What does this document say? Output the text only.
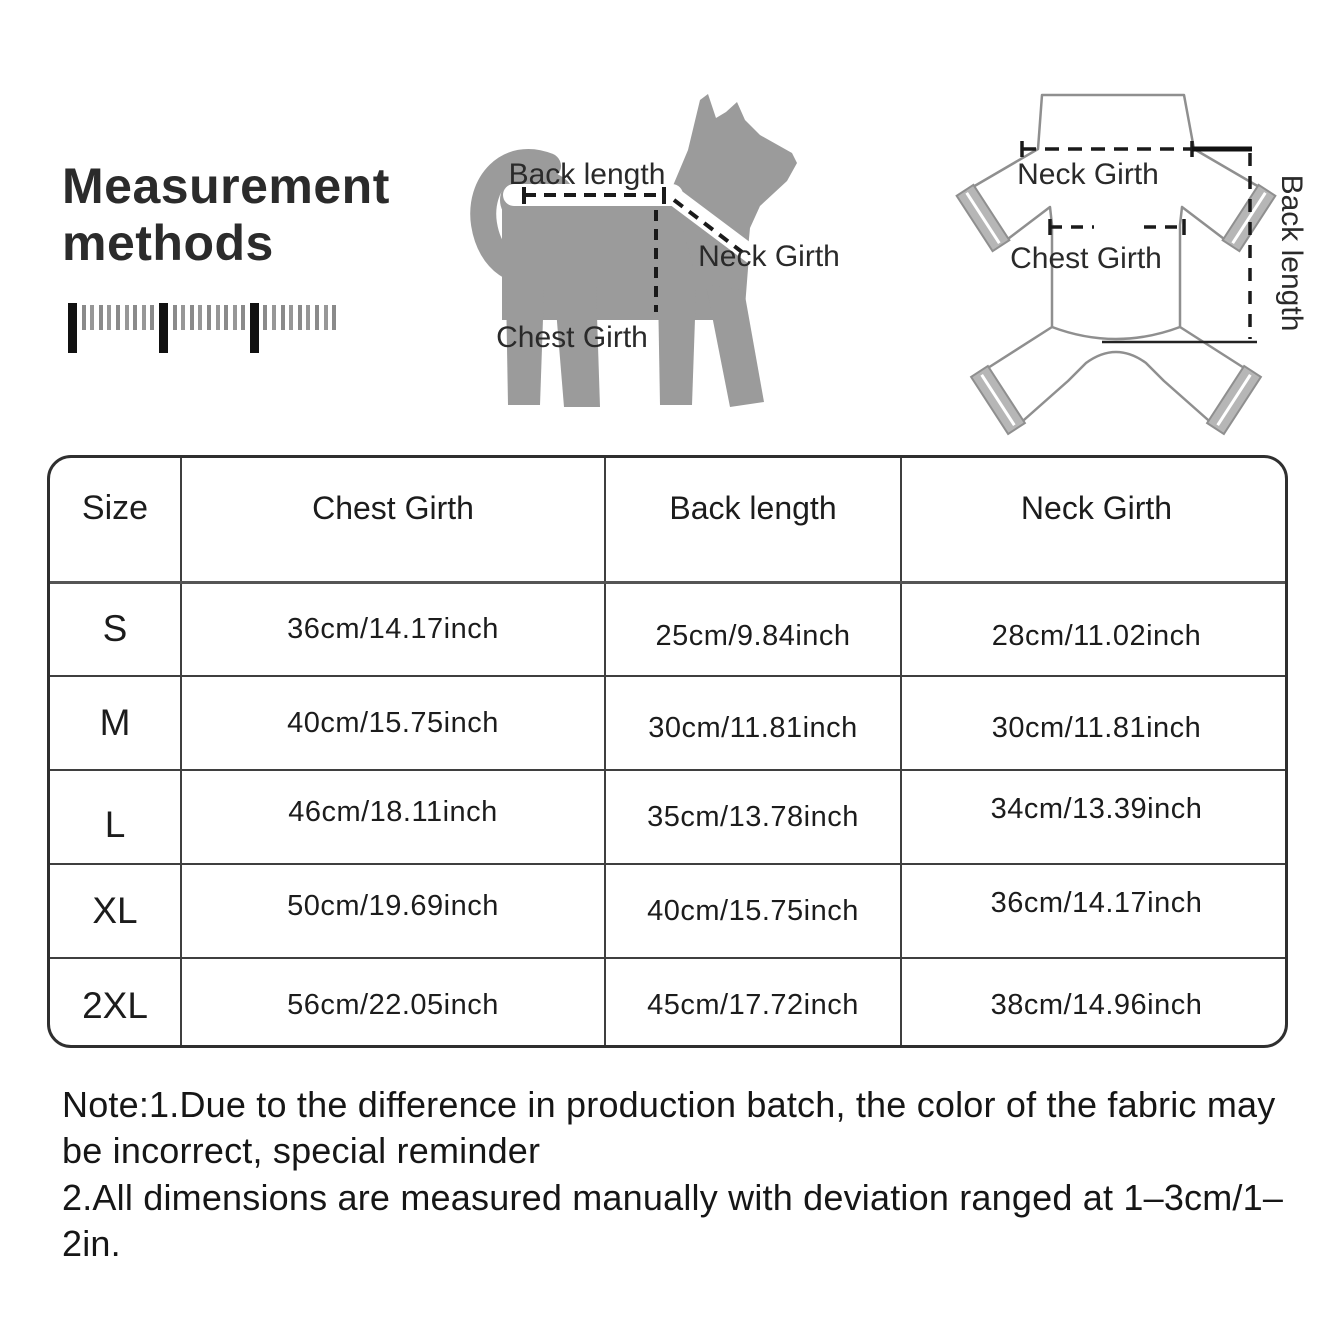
Measurement methods
Back length
Neck Girth
Chest Girth
Neck Girth
Chest Girth	Back length
Size	Chest Girth	Back length	Neck Girth
S	36cm/14.17inch	25cm/9.84inch	28cm/11.02inch
M	40cm/15.75inch	30cm/11.81inch	30cm/11.81inch
L	46cm/18.11inch	35cm/13.78inch	34cm/13.39inch
XL	50cm/19.69inch	40cm/15.75inch	36cm/14.17inch
2XL	56cm/22.05inch	45cm/17.72inch	38cm/14.96inch

Note:1.Due to the difference in production batch, the color of the fabric may be incorrect, special reminder

2.All dimensions are measured manually with deviation ranged at 1–3cm/1–2in.
